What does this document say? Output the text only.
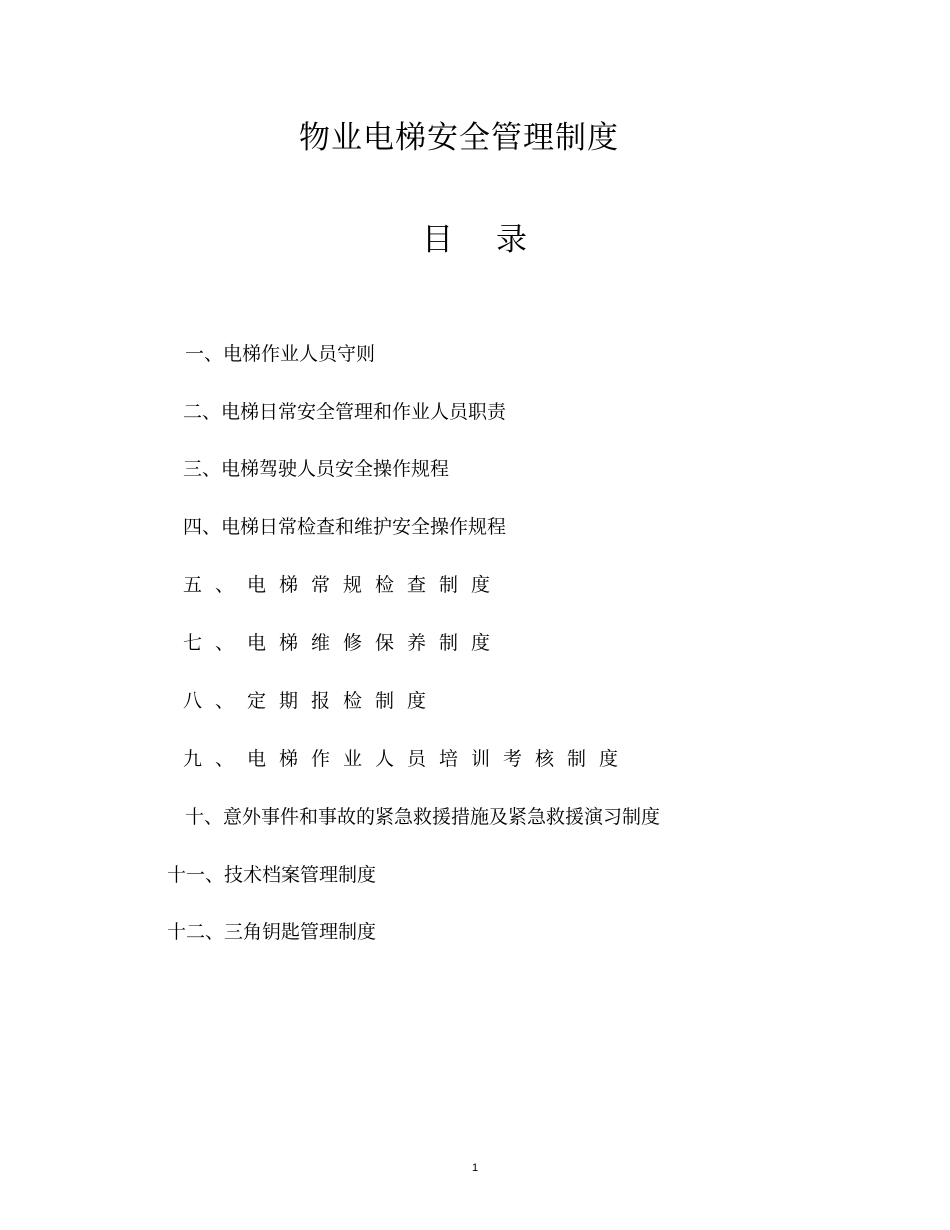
物业电梯安全管理制度
目 录
一、电梯作业人员守则
二、电梯日常安全管理和作业人员职责
三、电梯驾驶人员安全操作规程
四、电梯日常检查和维护安全操作规程
五、电梯常规检查制度
七、电梯维修保养制度
八、定期报检制度
九、电梯作业人员培训考核制度
十、意外事件和事故的紧急救援措施及紧急救援演习制度
十一、技术档案管理制度
十二、三角钥匙管理制度
1
